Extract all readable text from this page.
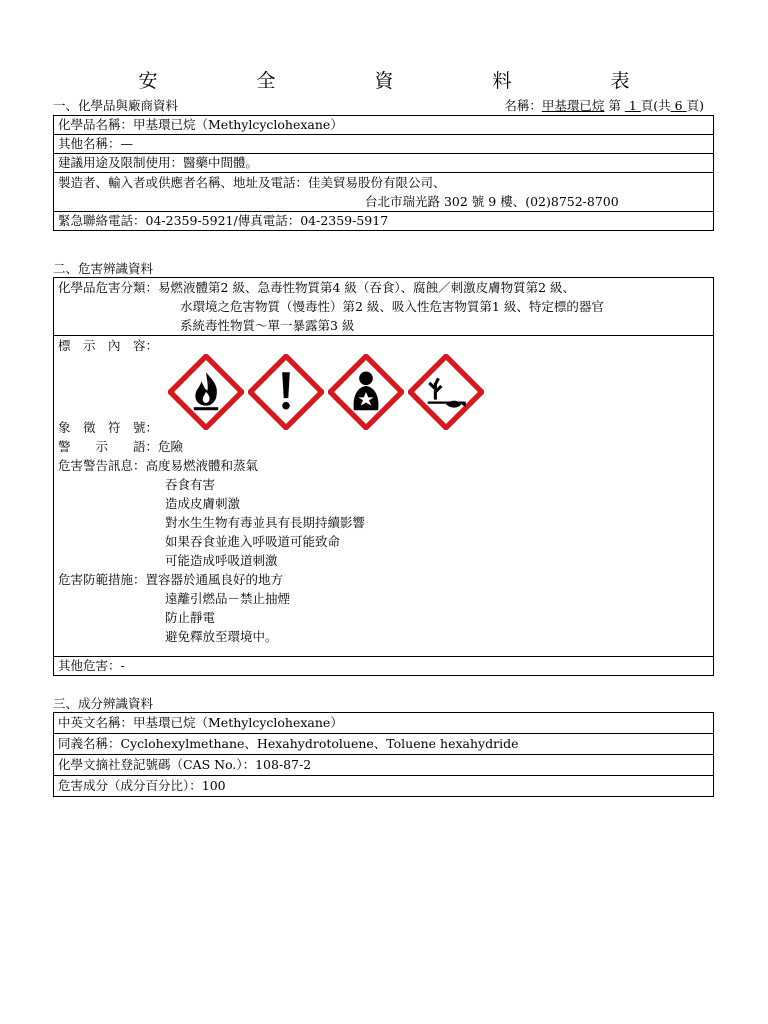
安　全　資　料　表
一、化學品與廠商資料	名稱：甲基環已烷 第 1 頁(共 6 頁)
化學品名稱：甲基環已烷（Methylcyclohexane）
其他名稱：—
建議用途及限制使用：醫藥中間體。

製造者、輸入者或供應者名稱、地址及電話：佳美貿易股份有限公司、
台北市瑞光路 302 號 9 樓、(02)8752-8700

緊急聯絡電話：04-2359-5921/傳真電話：04-2359-5917
二、危害辨識資料
化學品危害分類：易燃液體第2 級、急毒性物質第4 級（吞食）、腐蝕／刺激皮膚物質第2 級、
水環境之危害物質（慢毒性）第2 級、吸入性危害物質第1 級、特定標的器官
系統毒性物質～單一暴露第3 級

標　示　內　容：
象　徵　符　號：
警　　示　　語：危險
危害警告訊息：高度易燃液體和蒸氣
吞食有害
造成皮膚刺激
對水生生物有毒並具有長期持續影響
如果吞食並進入呼吸道可能致命
可能造成呼吸道刺激
危害防範措施：置容器於通風良好的地方
遠離引燃品－禁止抽煙
防止靜電
避免釋放至環境中。

其他危害：-
三、成分辨識資料
中英文名稱：甲基環已烷（Methylcyclohexane）
同義名稱：Cyclohexylmethane、Hexahydrotoluene、Toluene hexahydride
化學文摘社登記號碼（CAS No.）：108-87-2
危害成分（成分百分比）：100
